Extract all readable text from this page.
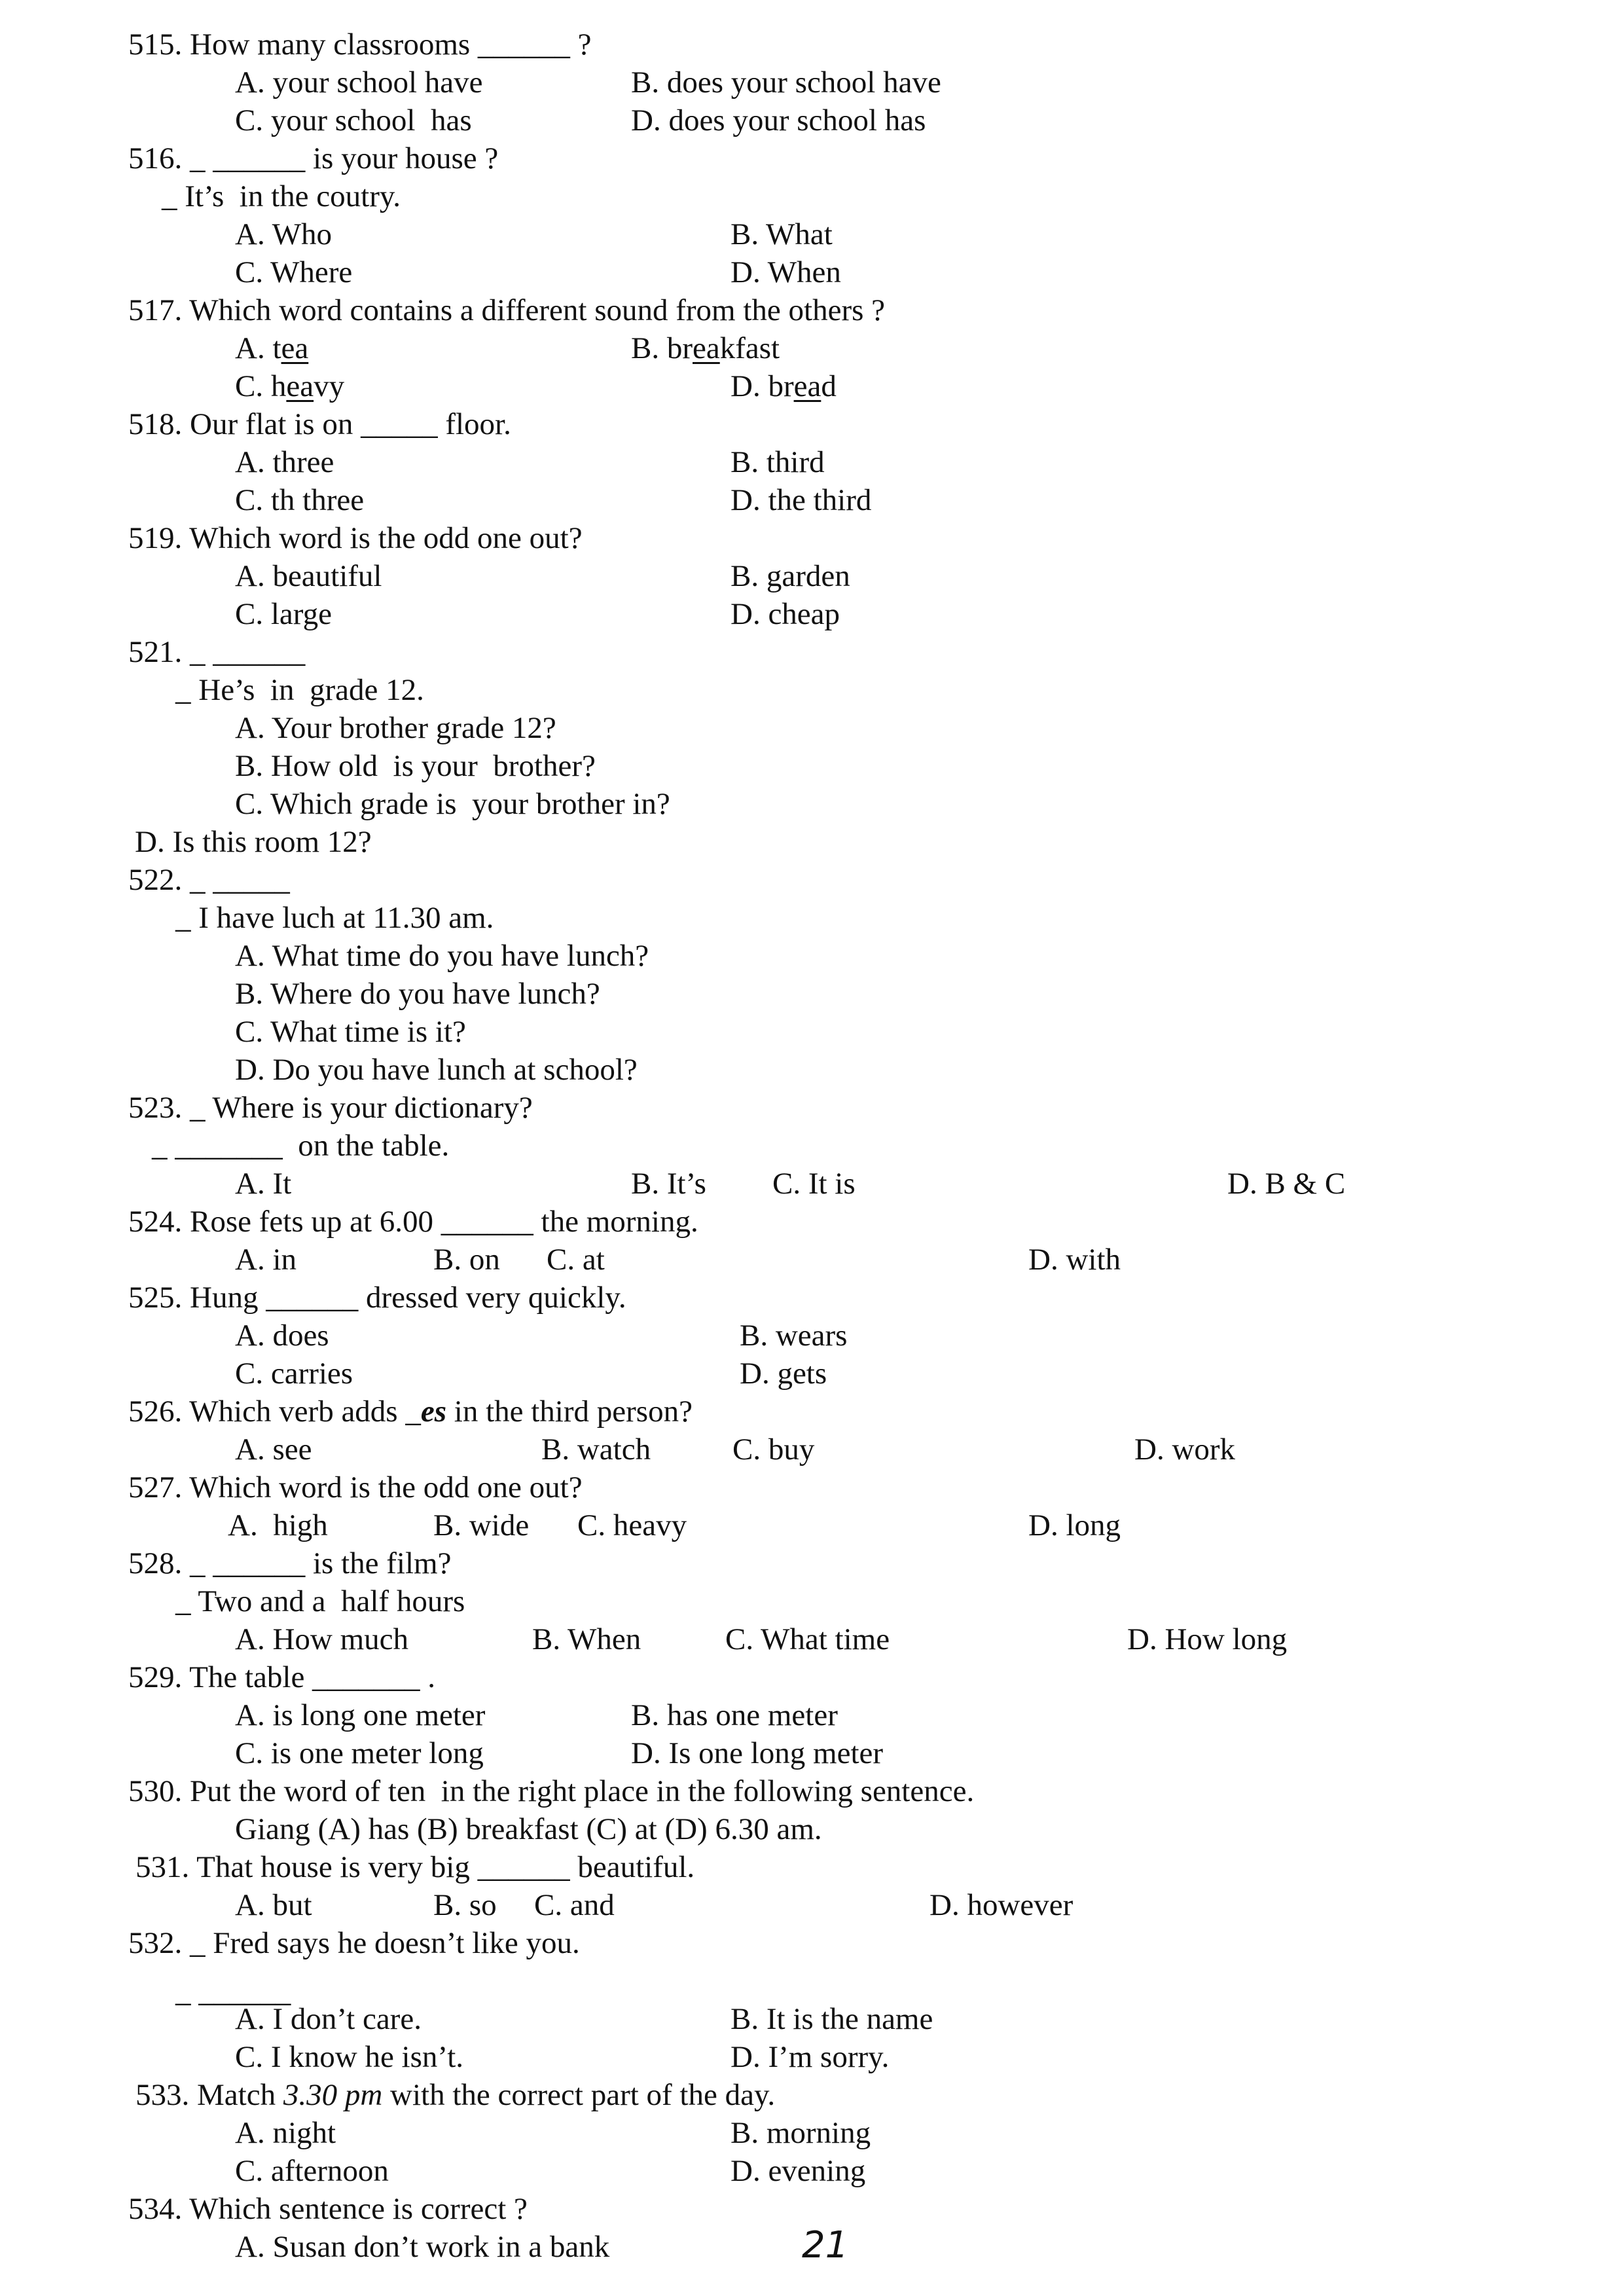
515. How many classrooms ______ ?
A. your school have	B. does your school have
C. your school  has	D. does your school has
516. _ ______ is your house ?
_ It’s  in the coutry.
A. Who	B. What
C. Where	D. When
517. Which word contains a different sound from the others ?
A. tea	B. breakfast
C. heavy	D. bread
518. Our flat is on _____ floor.
A. three	B. third
C. th three	D. the third
519. Which word is the odd one out?
A. beautiful	B. garden
C. large	D. cheap
521. _ ______
_ He’s  in  grade 12.
A. Your brother grade 12?
B. How old  is your  brother?
C. Which grade is  your brother in?
D. Is this room 12?
522. _ _____
_ I have luch at 11.30 am.
A. What time do you have lunch?
B. Where do you have lunch?
C. What time is it?
D. Do you have lunch at school?
523. _ Where is your dictionary?
_ _______  on the table.
A. It	B. It’s C. It is	D. B & C
524. Rose fets up at 6.00 ______ the morning.
A. in	B. on C. at	D. with
525. Hung ______ dressed very quickly.
A. does	B. wears
C. carries	D. gets
526. Which verb adds _es in the third person?
A. see	B. watch	C. buy	D. work
527. Which word is the odd one out?
A.  high	B. wide C. heavy	D. long
528. _ ______ is the film?
_ Two and a  half hours
A. How much	B. When	C. What time	D. How long
529. The table _______ .
A. is long one meter	B. has one meter
C. is one meter long	D. Is one long meter
530. Put the word of ten  in the right place in the following sentence.
Giang (A) has (B) breakfast (C) at (D) 6.30 am.
531. That house is very big ______ beautiful.
A. but	B. so C. and	D. however
532. _ Fred says he doesn’t like you.
_ ______
A. I don’t care.	B. It is the name
C. I know he isn’t.	D. I’m sorry.
533. Match 3.30 pm with the correct part of the day.
A. night	B. morning
C. afternoon	D. evening
534. Which sentence is correct ?
A. Susan don’t work in a bank	21
